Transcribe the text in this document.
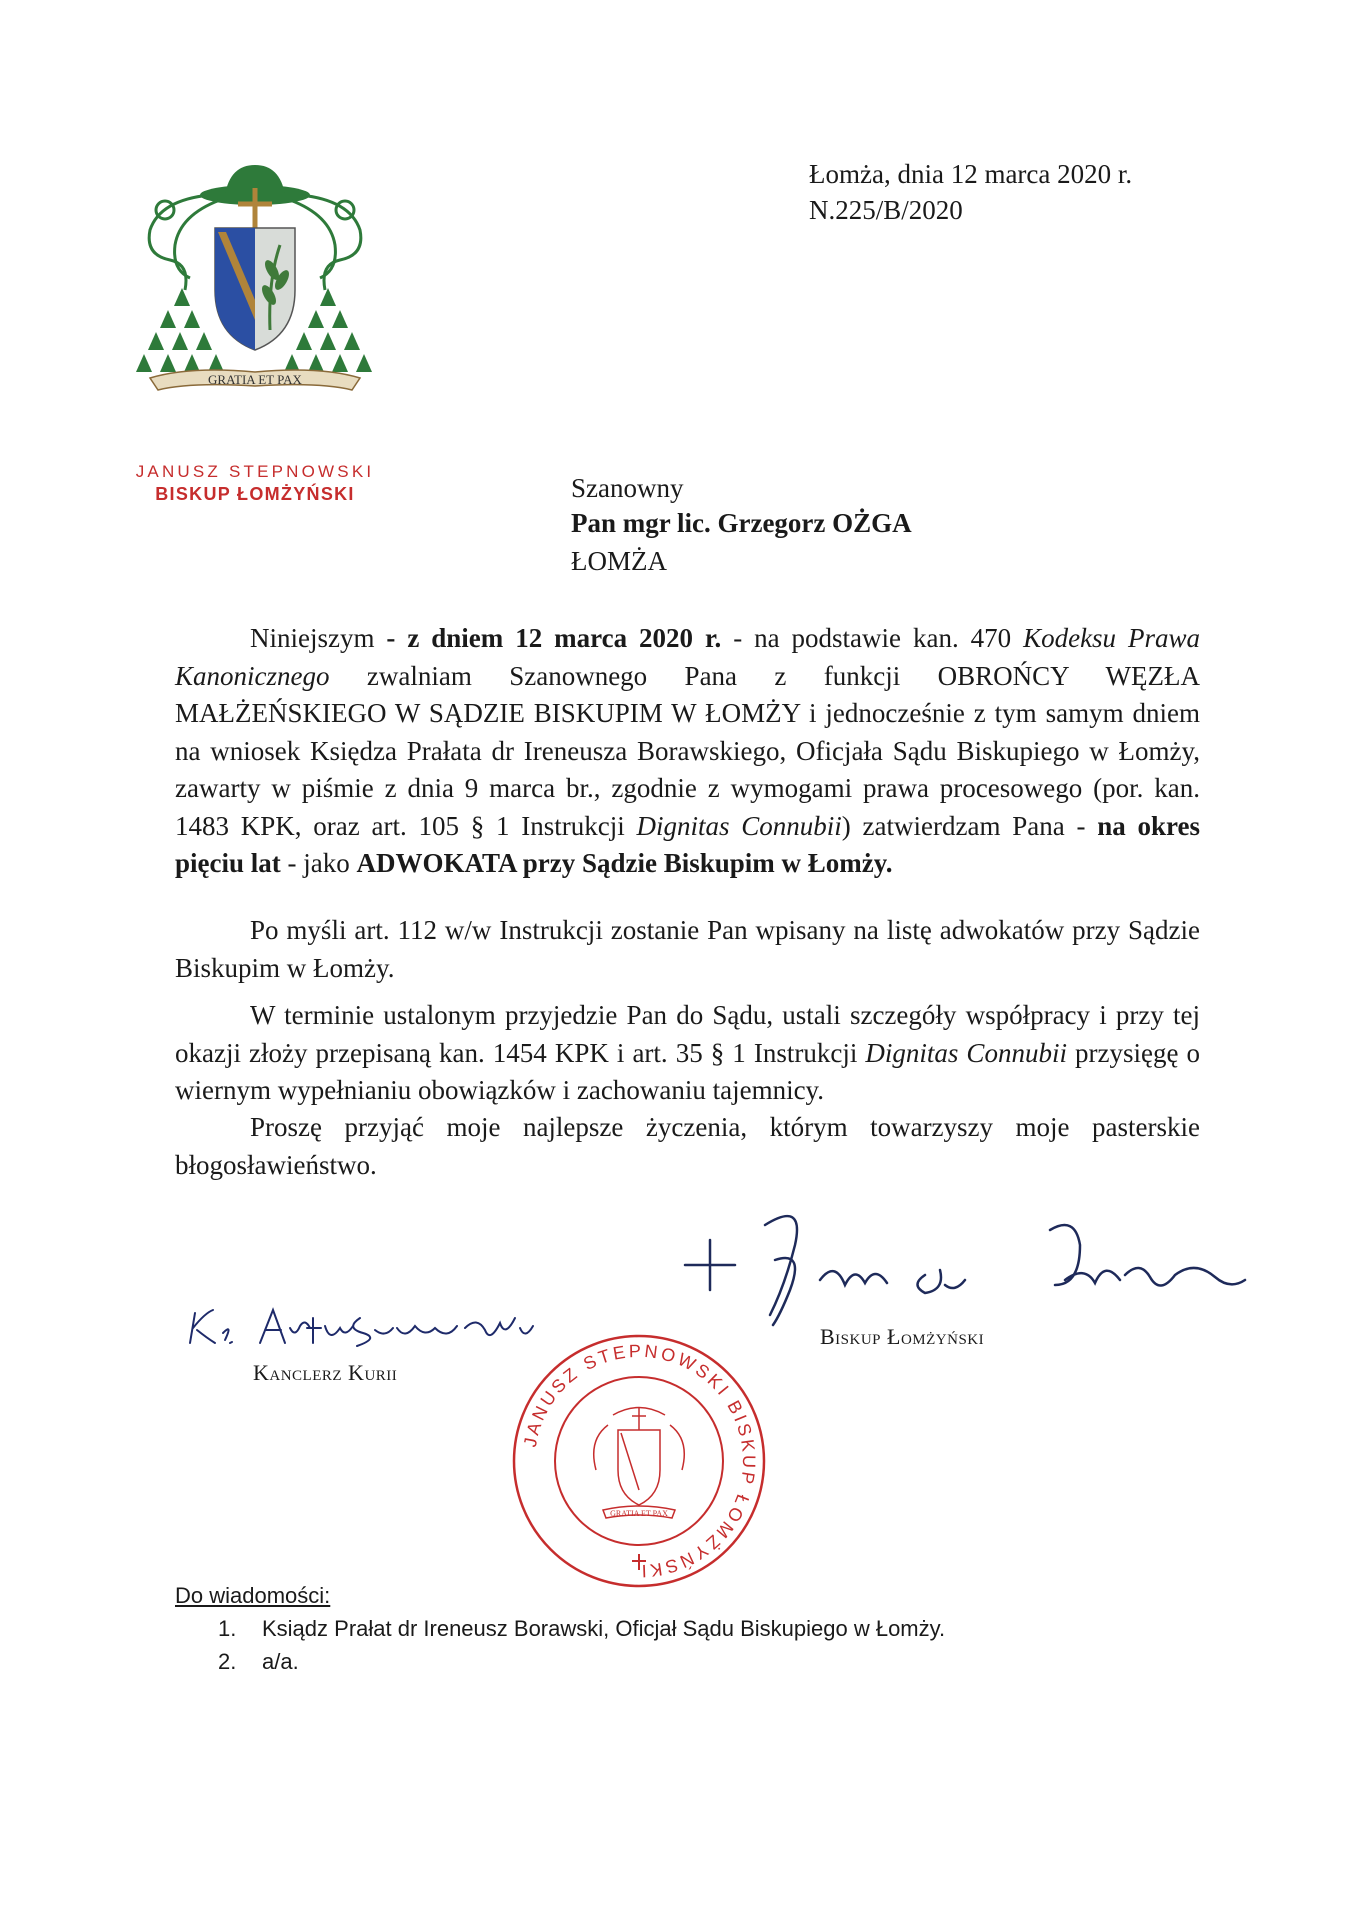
GRATIA ET PAX
JANUSZ STEPNOWSKI
BISKUP ŁOMŻYŃSKI
Łomża, dnia 12 marca 2020 r.
N.225/B/2020
Szanowny
Pan mgr lic. Grzegorz OŻGA
ŁOMŻA

Niniejszym - z dniem 12 marca 2020 r. - na podstawie kan. 470 Kodeksu Prawa Kanonicznego zwalniam Szanownego Pana z funkcji OBROŃCY WĘZŁA MAŁŻEŃSKIEGO W SĄDZIE BISKUPIM W ŁOMŻY i jednocześnie z tym samym dniem na wniosek Księdza Prałata dr Ireneusza Borawskiego, Oficjała Sądu Biskupiego w Łomży, zawarty w piśmie z dnia 9 marca br., zgodnie z wymogami prawa procesowego (por. kan. 1483 KPK, oraz art. 105 § 1 Instrukcji Dignitas Connubii) zatwierdzam Pana - na okres pięciu lat - jako ADWOKATA przy Sądzie Biskupim w Łomży.

Po myśli art. 112 w/w Instrukcji zostanie Pan wpisany na listę adwokatów przy Sądzie Biskupim w Łomży.

W terminie ustalonym przyjedzie Pan do Sądu, ustali szczegóły współpracy i przy tej okazji złoży przepisaną kan. 1454 KPK i art. 35 § 1 Instrukcji Dignitas Connubii przysięgę o wiernym wypełnianiu obowiązków i zachowaniu tajemnicy.

Proszę przyjąć moje najlepsze życzenia, którym towarzyszy moje pasterskie błogosławieństwo.

Kanclerz Kurii
Biskup Łomżyński
JANUSZ STEPNOWSKI BISKUP ŁOMŻYŃSKI
GRATIA ET PAX
Do wiadomości:
1.	Ksiądz Prałat dr Ireneusz Borawski, Oficjał Sądu Biskupiego w Łomży.
2.	a/a.
